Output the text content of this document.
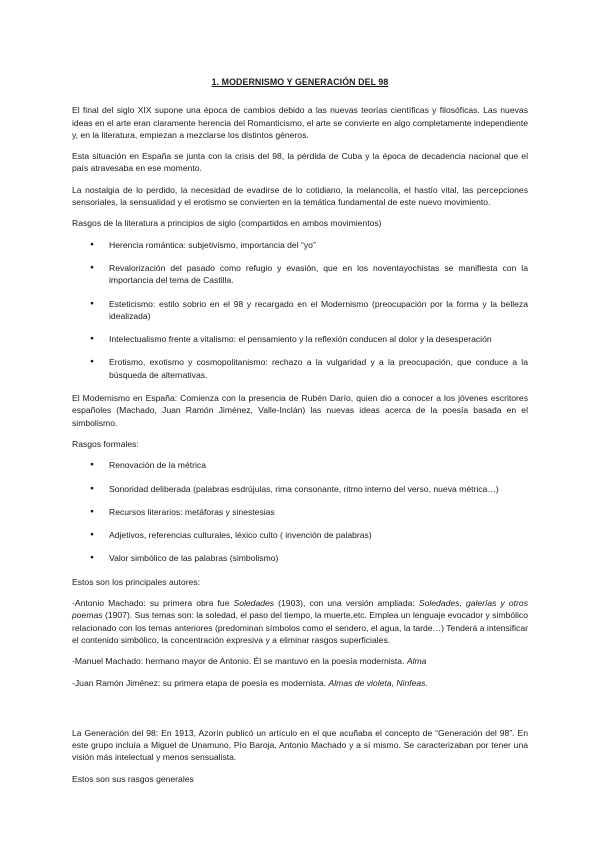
1. MODERNISMO Y GENERACIÓN DEL 98

El final del siglo XIX supone una época de cambios debido a las nuevas teorías científicas y filosóficas. Las nuevas ideas en el arte eran claramente herencia del Romanticismo, el arte se convierte en algo completamente independiente y, en la literatura, empiezan a mezclarse los distintos géneros.

Esta situación en España se junta con la crisis del 98, la pérdida de Cuba y la época de decadencia nacional que el país atravesaba en ese momento.

La nostalgia de lo perdido, la necesidad de evadirse de lo cotidiano, la melancolía, el hastío vital, las percepciones sensoriales, la sensualidad y el erotismo se convierten en la temática fundamental de este nuevo movimiento.

Rasgos de la literatura a principios de siglo (compartidos en ambos movimientos)

● Herencia romántica: subjetivismo, importancia del “yo”
● Revalorización del pasado como refugio y evasión, que en los noventayochistas se manifiesta con la importancia del tema de Castilla.
● Esteticismo: estilo sobrio en el 98 y recargado en el Modernismo (preocupación por la forma y la belleza idealizada)
● Intelectualismo frente a vitalismo: el pensamiento y la reflexión conducen al dolor y la desesperación
● Erotismo, exotismo y cosmopolitanismo: rechazo a la vulgaridad y a la preocupación, que conduce a la búsqueda de alternativas.

El Modernismo en España: Comienza con la presencia de Rubén Darío, quien dio a conocer a los jóvenes escritores españoles (Machado, Juan Ramón Jiménez, Valle-Inclán) las nuevas ideas acerca de la poesía basada en el simbolismo.

Rasgos formales:

● Renovación de la métrica
● Sonoridad deliberada (palabras esdrújulas, rima consonante, ritmo interno del verso, nueva métrica…)
● Recursos literarios: metáforas y sinestesias
● Adjetivos, referencias culturales, léxico culto ( invención de palabras)
● Valor simbólico de las palabras (simbolismo)

Estos son los principales autores:

-Antonio Machado: su primera obra fue Soledades (1903), con una versión ampliada: Soledades, galerías y otros poemas (1907). Sus temas son: la soledad, el paso del tiempo, la muerte,etc. Emplea un lenguaje evocador y simbólico relacionado con los temas anteriores (predominan símbolos como el sendero, el agua, la tarde…) Tenderá a intensificar el contenido simbólico, la concentración expresiva y a eliminar rasgos superficiales.

-Manuel Machado: hermano mayor de Antonio. Él se mantuvo en la poesía modernista. Alma

-Juan Ramón Jiménez: su primera etapa de poesía es modernista. Almas de violeta, Ninfeas.

La Generación del 98: En 1913, Azorín publicó un artículo en el que acuñaba el concepto de “Generación del 98”. En este grupo incluía a Miguel de Unamuno, Pío Baroja, Antonio Machado y a sí mismo. Se caracterizaban por tener una visión más intelectual y menos sensualista.

Estos son sus rasgos generales
